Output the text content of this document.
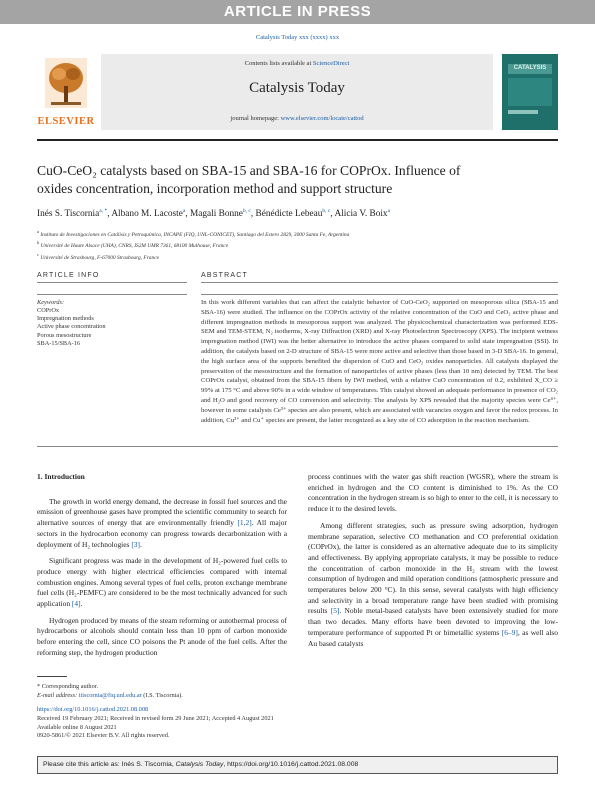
ARTICLE IN PRESS
Catalysis Today xxx (xxxx) xxx
ELSEVIER
Contents lists available at ScienceDirect
Catalysis Today
journal homepage: www.elsevier.com/locate/cattod
CATALYSIS
CuO-CeO₂ catalysts based on SBA-15 and SBA-16 for COPrOx. Influence of
oxides concentration, incorporation method and support structure
Inés S. Tiscornia$^{a, *}$, Albano M. Lacoste$^a$, Magali Bonne$^{b, c}$, Bénédicte Lebeau$^{b, c}$, Alicia V. Boix$^a$
$^a$ Instituto de Investigaciones en Catálisis y Petroquímica, INCAPE (FIQ, UNL-CONICET), Santiago del Estero 2829, 3000 Santa Fe, Argentina
$^b$ Université de Haute Alsace (UHA), CNRS, IS2M UMR 7361, 68100 Mulhouse, France
$^c$ Université de Strasbourg, F-67000 Strasbourg, France
ARTICLE INFO	ABSTRACT
Keywords:
COPrOx
Impregnation methods
Active phase concentration
Porous mesostructure
SBA-15/SBA-16
In this work different variables that can affect the catalytic behavior of CuO-CeO₂ supported on mesoporous silica (SBA-15 and SBA-16) were studied. The influence on the COPrOx activity of the relative concentration of the CuO and CeO₂ active phase and different impregnation methods in mesoporous support was analyzed. The physicochemical characterization was performed EDS-SEM and TEM-STEM, N₂ isotherms, X-ray Diffraction (XRD) and X-ray Photoelectron Spectroscopy (XPS). The incipient wetness impregnation method (IWI) was the better alternative to introduce the active phases compared to solid state impregnation (SSI). In addition, the catalysts based on 2-D structure of SBA-15 were more active and selective than those based in 3-D SBA-16. In general, the high surface area of the supports benefited the dispersion of CuO and CeO₂ oxides nanoparticles. All catalysts displayed the preservation of the mesostructure and the formation of nanoparticles of active phases (less than 10 nm) detected by TEM. The best COPrOx catalyst, obtained from the SBA-15 fibers by IWI method, with a relative CuO concentration of 0.2, exhibited X_CO ≥ 99% at 175 °C and above 90% in a wide window of temperatures. This catalyst showed an adequate performance in presence of CO₂ and H₂O and good recovery of CO conversion and selectivity. The analysis by XPS revealed that the majority species were Ce⁴⁺, however in some catalysts Ce³⁺ species are also present, which are associated with vacancies oxygen and favor the redox process. In addition, Cu²⁺ and Cu⁺ species are present, the latter recognized as a key site of CO adsorption in the reaction mechanism.

1. Introduction

The growth in world energy demand, the decrease in fossil fuel sources and the emission of greenhouse gases have prompted the scientific community to search for alternative sources of energy that are environmentally friendly [1,2]. All major sectors in the hydrocarbon economy can progress towards decarbonization with a deployment of H₂ technologies [3].

Significant progress was made in the development of H₂-powered fuel cells to produce energy with higher electrical efficiencies compared with internal combustion engines. Among several types of fuel cells, proton exchange membrane fuel cells (H₂-PEMFC) are considered to be the most technically advanced for such application [4].

Hydrogen produced by means of the steam reforming or autothermal process of hydrocarbons or alcohols should contain less than 10 ppm of carbon monoxide before entering the cell, since CO poisons the Pt anode of the fuel cells. After the reforming step, the hydrogen production

process continues with the water gas shift reaction (WGSR), where the stream is enriched in hydrogen and the CO content is diminished to 1%. As the CO concentration in the hydrogen stream is so high to enter to the cell, it is necessary to reduce it to the desired levels.

Among different strategies, such as pressure swing adsorption, hydrogen membrane separation, selective CO methanation and CO preferential oxidation (COPrOx), the latter is considered as an alternative adequate due to its simplicity and effectiveness. By applying appropriate catalysts, it may be possible to reduce the concentration of carbon monoxide in the H₂ stream with the lowest consumption of hydrogen and mild operation conditions (atmospheric pressure and temperatures below 200 °C). In this sense, several catalysts with high efficiency and selectivity in a broad temperature range have been studied with promising results [5]. Noble metal-based catalysts have been extensively studied for more than two decades. Many efforts have been devoted to improving the low-temperature performance of supported Pt or bimetallic systems [6–9], as well also Au based catalysts

* Corresponding author.
E-mail address: itiscornia@fiq.unl.edu.ar (I.S. Tiscornia).
https://doi.org/10.1016/j.cattod.2021.08.008
Received 19 February 2021; Received in revised form 29 June 2021; Accepted 4 August 2021
Available online 8 August 2021
0920-5861/© 2021 Elsevier B.V. All rights reserved.
Please cite this article as: Inés S. Tiscornia, Catalysis Today, https://doi.org/10.1016/j.cattod.2021.08.008
